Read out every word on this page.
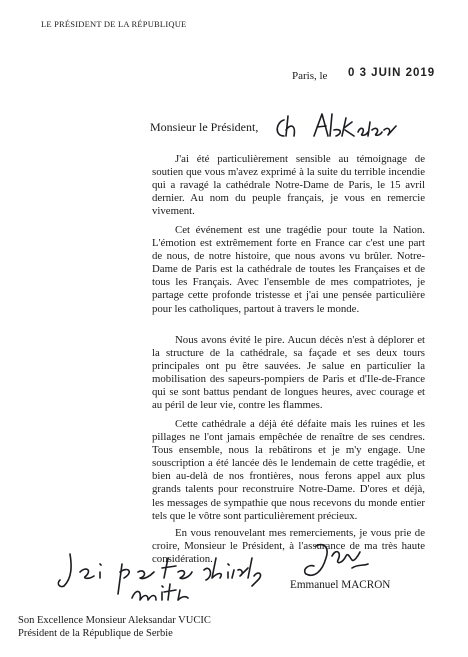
LE PRÉSIDENT DE LA RÉPUBLIQUE
Paris, le 0 3 JUIN 2019
Monsieur le Président,

J'ai été particulièrement sensible au témoignage de soutien que vous m'avez exprimé à la suite du terrible incendie qui a ravagé la cathédrale Notre-Dame de Paris, le 15 avril dernier. Au nom du peuple français, je vous en remercie vivement.

Cet événement est une tragédie pour toute la Nation. L'émotion est extrêmement forte en France car c'est une part de nous, de notre histoire, que nous avons vu brûler. Notre-Dame de Paris est la cathédrale de toutes les Françaises et de tous les Français. Avec l'ensemble de mes compatriotes, je partage cette profonde tristesse et j'ai une pensée particulière pour les catholiques, partout à travers le monde.

Nous avons évité le pire. Aucun décès n'est à déplorer et la structure de la cathédrale, sa façade et ses deux tours principales ont pu être sauvées. Je salue en particulier la mobilisation des sapeurs-pompiers de Paris et d'Ile-de-France qui se sont battus pendant de longues heures, avec courage et au péril de leur vie, contre les flammes.

Cette cathédrale a déjà été défaite mais les ruines et les pillages ne l'ont jamais empêchée de renaître de ses cendres. Tous ensemble, nous la rebâtirons et je m'y engage. Une souscription a été lancée dès le lendemain de cette tragédie, et bien au-delà de nos frontières, nous ferons appel aux plus grands talents pour reconstruire Notre-Dame. D'ores et déjà, les messages de sympathie que nous recevons du monde entier tels que le vôtre sont particulièrement précieux.

En vous renouvelant mes remerciements, je vous prie de croire, Monsieur le Président, à l'assurance de ma très haute considération.

Emmanuel MACRON
Son Excellence Monsieur Aleksandar VUCIC
Président de la République de Serbie
